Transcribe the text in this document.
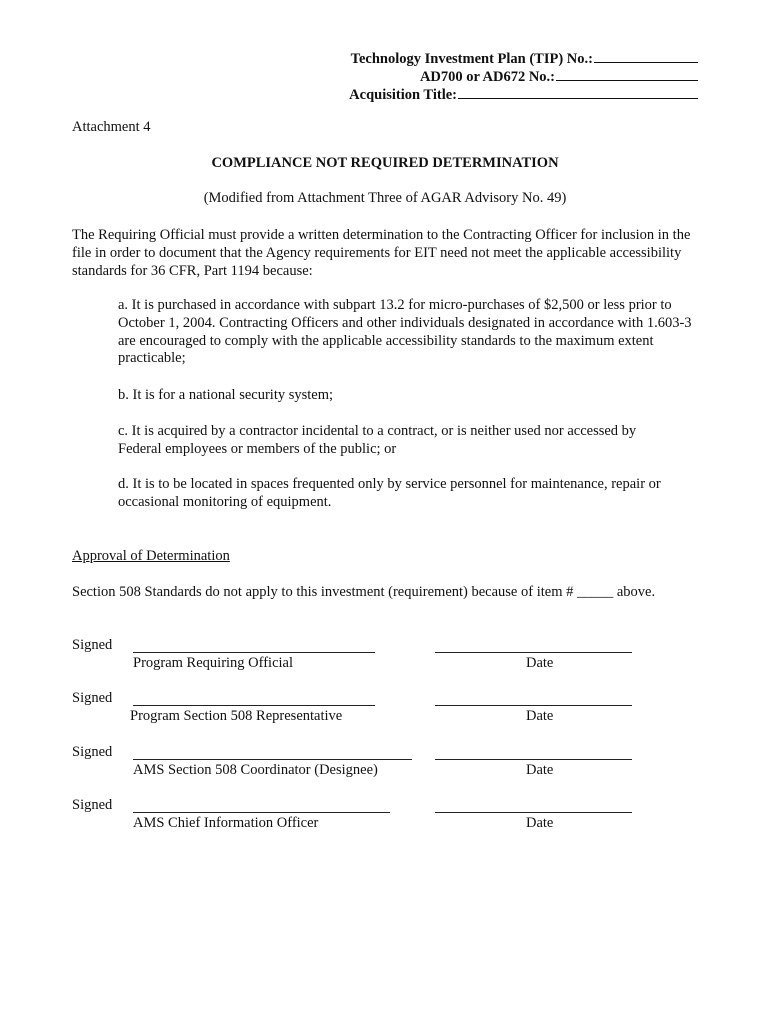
Technology Investment Plan (TIP) No.:
AD700 or AD672 No.:
Acquisition Title:
Attachment 4
COMPLIANCE NOT REQUIRED DETERMINATION
(Modified from Attachment Three of AGAR Advisory No. 49)
The Requiring Official must provide a written determination to the Contracting Officer for inclusion in the file in order to document that the Agency requirements for EIT need not meet the applicable accessibility standards for 36 CFR, Part 1194 because:
a. It is purchased in accordance with subpart 13.2 for micro-purchases of $2,500 or less prior to October 1, 2004. Contracting Officers and other individuals designated in accordance with 1.603-3 are encouraged to comply with the applicable accessibility standards to the maximum extent practicable;
b. It is for a national security system;
c. It is acquired by a contractor incidental to a contract, or is neither used nor accessed by Federal employees or members of the public; or
d. It is to be located in spaces frequented only by service personnel for maintenance, repair or occasional monitoring of equipment.
Approval of Determination
Section 508 Standards do not apply to this investment (requirement) because of item # _____ above.
Signed
Program Requiring Official	Date
Signed
Program Section 508 Representative	Date
Signed
AMS Section 508 Coordinator (Designee)	Date
Signed
AMS Chief Information Officer	Date
